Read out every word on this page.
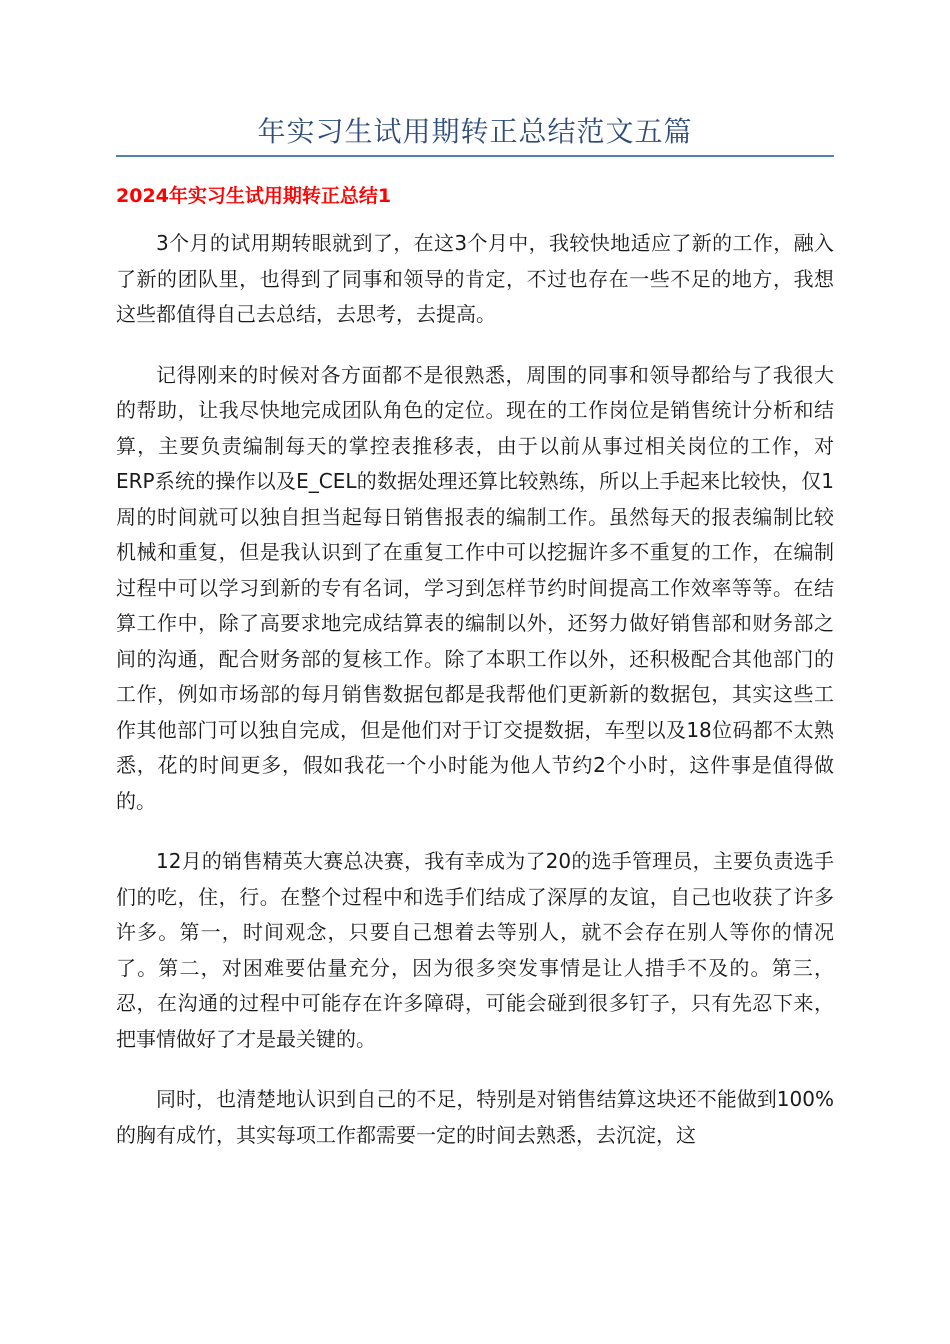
年实习生试用期转正总结范文五篇
2024年实习生试用期转正总结1

3个月的试用期转眼就到了，在这3个月中，我较快地适应了新的工作，融入了新的团队里，也得到了同事和领导的肯定，不过也存在一些不足的地方，我想这些都值得自己去总结，去思考，去提高。

记得刚来的时候对各方面都不是很熟悉，周围的同事和领导都给与了我很大的帮助，让我尽快地完成团队角色的定位。现在的工作岗位是销售统计分析和结算，主要负责编制每天的掌控表推移表，由于以前从事过相关岗位的工作，对ERP系统的操作以及E_CEL的数据处理还算比较熟练，所以上手起来比较快，仅1周的时间就可以独自担当起每日销售报表的编制工作。虽然每天的报表编制比较机械和重复，但是我认识到了在重复工作中可以挖掘许多不重复的工作，在编制过程中可以学习到新的专有名词，学习到怎样节约时间提高工作效率等等。在结算工作中，除了高要求地完成结算表的编制以外，还努力做好销售部和财务部之间的沟通，配合财务部的复核工作。除了本职工作以外，还积极配合其他部门的工作，例如市场部的每月销售数据包都是我帮他们更新新的数据包，其实这些工作其他部门可以独自完成，但是他们对于订交提数据，车型以及18位码都不太熟悉，花的时间更多，假如我花一个小时能为他人节约2个小时，这件事是值得做的。

12月的销售精英大赛总决赛，我有幸成为了20的选手管理员，主要负责选手们的吃，住，行。在整个过程中和选手们结成了深厚的友谊，自己也收获了许多许多。第一，时间观念，只要自己想着去等别人，就不会存在别人等你的情况了。第二，对困难要估量充分，因为很多突发事情是让人措手不及的。第三，忍，在沟通的过程中可能存在许多障碍，可能会碰到很多钉子，只有先忍下来，把事情做好了才是最关键的。

同时，也清楚地认识到自己的不足，特别是对销售结算这块还不能做到100%的胸有成竹，其实每项工作都需要一定的时间去熟悉，去沉淀，这
